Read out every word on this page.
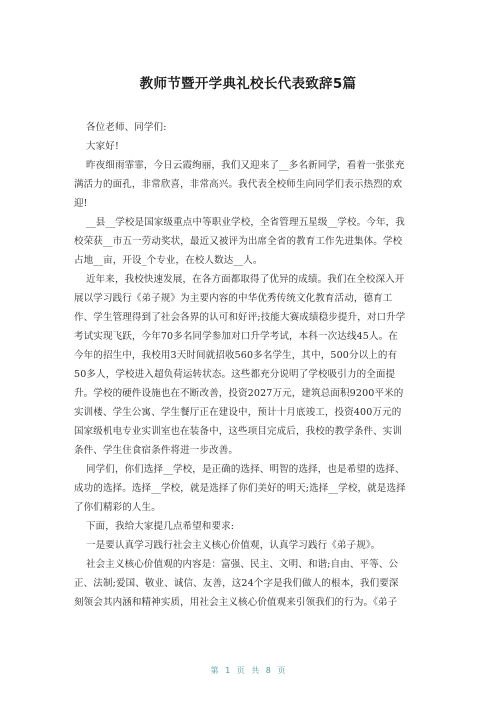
教师节暨开学典礼校长代表致辞5篇

各位老师、同学们:

大家好!

昨夜细雨霏霏，今日云霞绚丽，我们又迎来了__多名新同学，看着一张张充

满活力的面孔，非常欣喜，非常高兴。我代表全校师生向同学们表示热烈的欢

迎!

__县__学校是国家级重点中等职业学校，全省管理五星级__学校。今年，我

校荣获__市五一劳动奖状，最近又被评为出席全省的教育工作先进集体。学校

占地__亩，开设_个专业，在校人数达__人。

近年来，我校快速发展，在各方面都取得了优异的成绩。我们在全校深入开

展以学习践行《弟子规》为主要内容的中华优秀传统文化教育活动，德育工

作、学生管理得到了社会各界的认可和好评;技能大赛成绩稳步提升，对口升学

考试实现飞跃，今年70多名同学参加对口升学考试，本科一次达线45人。在

今年的招生中，我校用3天时间就招收560多名学生，其中，500分以上的有

50多人，学校进入超负荷运转状态。这些都充分说明了学校吸引力的全面提

升。学校的硬件设施也在不断改善，投资2027万元，建筑总面积9200平米的

实训楼、学生公寓、学生餐厅正在建设中，预计十月底竣工，投资400万元的

国家级机电专业实训室也在装备中，这些项目完成后，我校的教学条件、实训

条件、学生住食宿条件将进一步改善。

同学们，你们选择__学校，是正确的选择、明智的选择，也是希望的选择、

成功的选择。选择__学校，就是选择了你们美好的明天;选择__学校，就是选择

了你们精彩的人生。

下面，我给大家提几点希望和要求:

一是要认真学习践行社会主义核心价值观，认真学习践行《弟子规》。

社会主义核心价值观的内容是：富强、民主、文明、和谐;自由、平等、公

正、法制;爱国、敬业、诚信、友善，这24个字是我们做人的根本，我们要深

刻领会其内涵和精神实质，用社会主义核心价值观来引领我们的行为。《弟子

第 1 页 共 8 页
